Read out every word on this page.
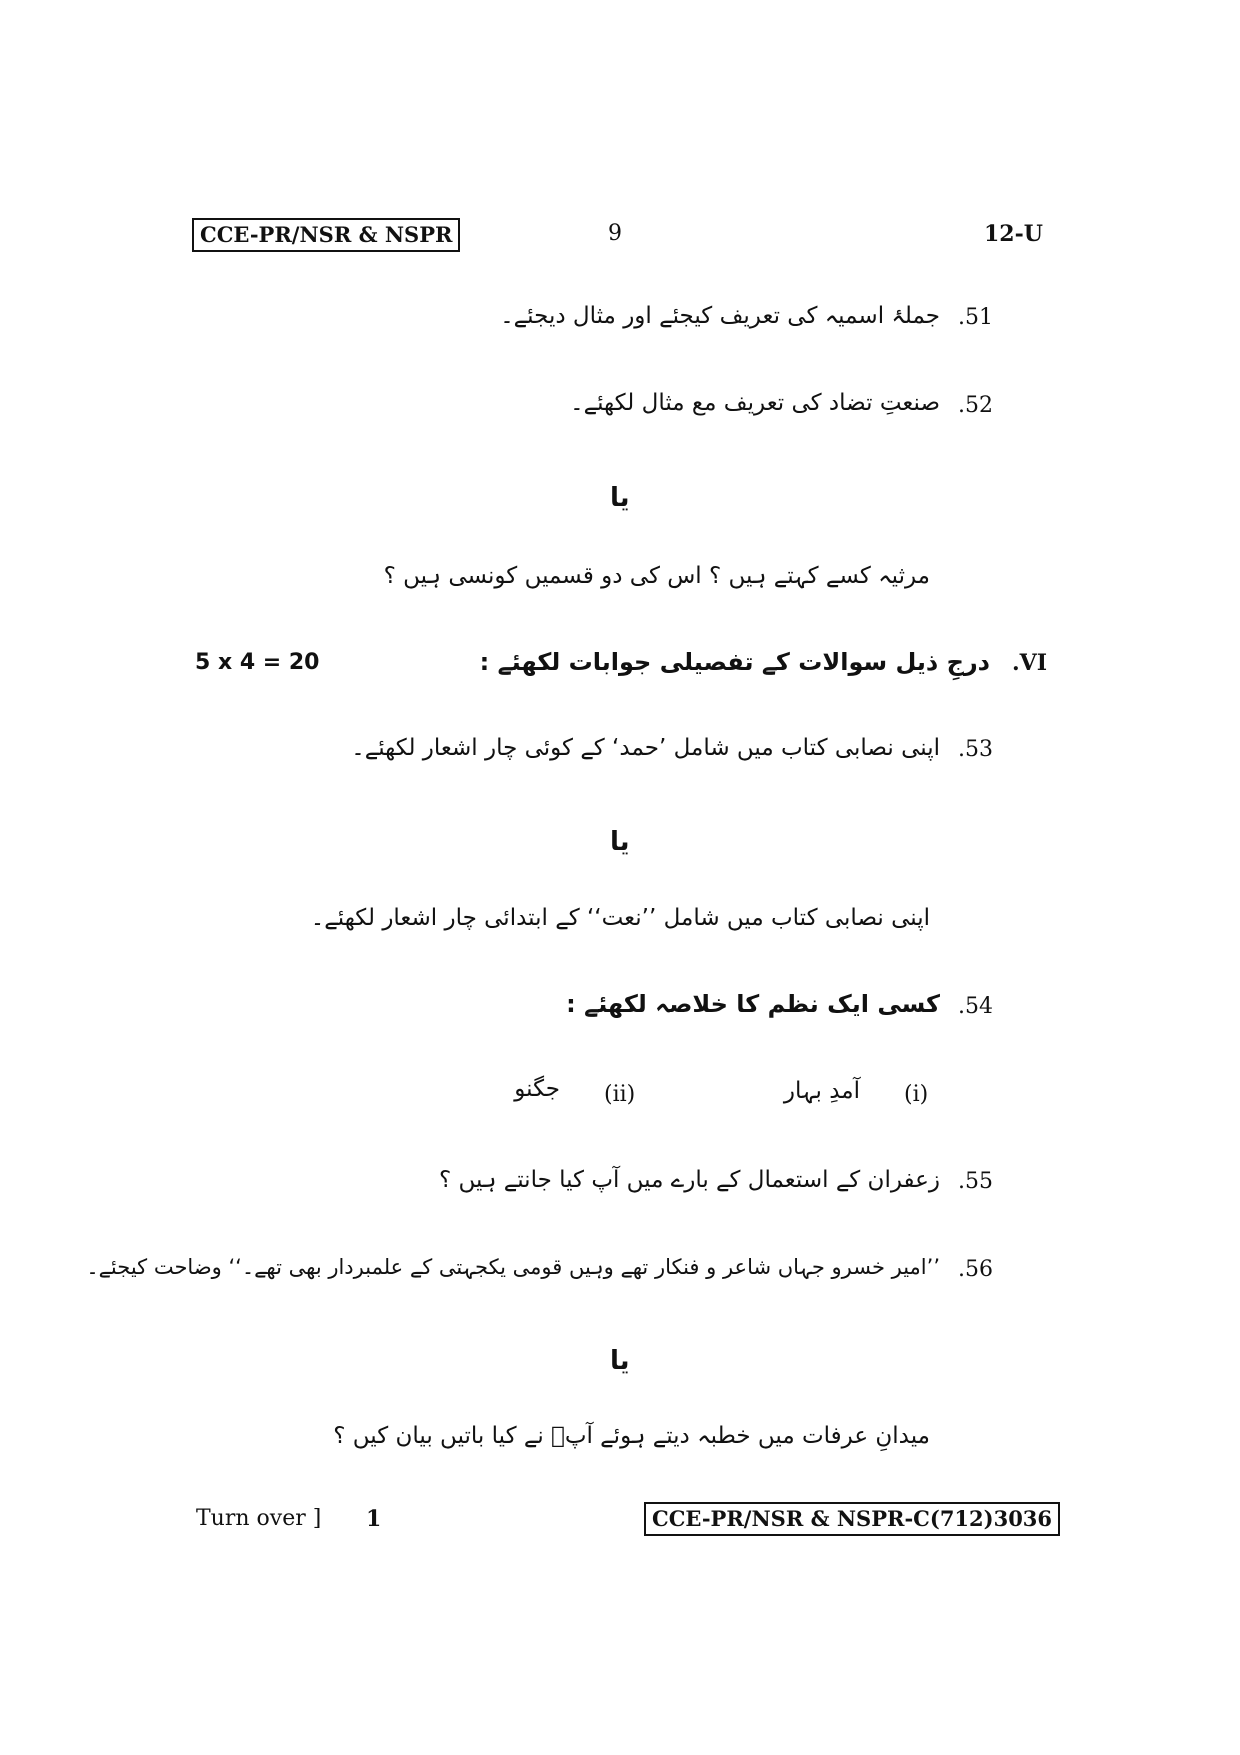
CCE-PR/NSR & NSPR	9	12-U
.51
جملۂ اسمیہ کی تعریف کیجئے اور مثال دیجئے۔
.52
صنعتِ تضاد کی تعریف مع مثال لکھئے۔
یا
مرثیہ کسے کہتے ہیں ؟ اس کی دو قسمیں کونسی ہیں ؟
5 x 4 = 20	.VI
درجِ ذیل سوالات کے تفصیلی جوابات لکھئے :
.53
اپنی نصابی کتاب میں شامل ’حمد‘ کے کوئی چار اشعار لکھئے۔
یا
اپنی نصابی کتاب میں شامل ’’نعت‘‘ کے ابتدائی چار اشعار لکھئے۔
.54
کسی ایک نظم کا خلاصہ لکھئے :
(i)
آمدِ بہار
(ii)
جگنو
.55
زعفران کے استعمال کے بارے میں آپ کیا جانتے ہیں ؟
.56
’’امیر خسرو جہاں شاعر و فنکار تھے وہیں قومی یکجہتی کے علمبردار بھی تھے۔‘‘ وضاحت کیجئے۔
یا
میدانِ عرفات میں خطبہ دیتے ہوئے آپؐ نے کیا باتیں بیان کیں ؟
Turn over ] 1	CCE-PR/NSR & NSPR-C(712)3036
